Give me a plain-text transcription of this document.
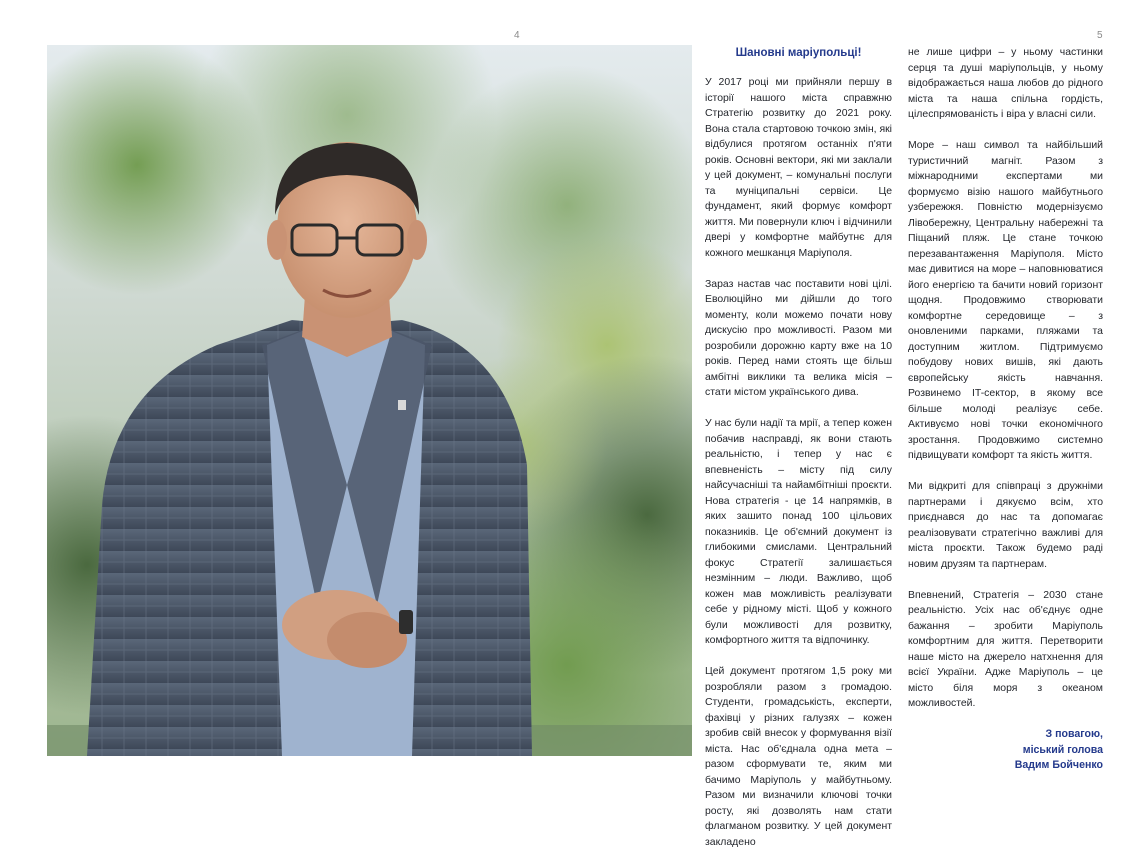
4	5
Шановні маріупольці!

У 2017 році ми прийняли першу в історії нашого міста справжню Стратегію розвитку до 2021 року. Вона стала стартовою точкою змін, які відбулися протягом останніх п'яти років. Основні вектори, які ми заклали у цей документ, – комунальні послуги та муніципальні сервіси. Це фундамент, який формує комфорт життя. Ми повернули ключ і відчинили двері у комфортне майбутнє для кожного мешканця Маріуполя.

Зараз настав час поставити нові цілі. Еволюційно ми дійшли до того моменту, коли можемо почати нову дискусію про можливості. Разом ми розробили дорожню карту вже на 10 років. Перед нами стоять ще більш амбітні виклики та велика місія – стати містом українського дива.

У нас були надії та мрії, а тепер кожен побачив насправді, як вони стають реальністю, і тепер у нас є впевненість – місту під силу найсучасніші та найамбітніші проєкти. Нова стратегія - це 14 напрямків, в яких зашито понад 100 цільових показників. Це об'ємний документ із глибокими смислами. Центральний фокус Стратегії залишається незмінним – люди. Важливо, щоб кожен мав можливість реалізувати себе у рідному місті. Щоб у кожного були можливості для розвитку, комфортного життя та відпочинку.

Цей документ протягом 1,5 року ми розробляли разом з громадою. Студенти, громадськість, експерти, фахівці у різних галузях – кожен зробив свій внесок у формування візії міста. Нас об'єднала одна мета – разом сформувати те, яким ми бачимо Маріуполь у майбутньому. Разом ми визначили ключові точки росту, які дозволять нам стати флагманом розвитку. У цей документ закладено

не лише цифри – у ньому частинки серця та душі маріупольців, у ньому відображається наша любов до рідного міста та наша спільна гордість, цілеспрямованість і віра у власні сили.

Море – наш символ та найбільший туристичний магніт. Разом з міжнародними експертами ми формуємо візію нашого майбутнього узбережжя. Повністю модернізуємо Лівобережну, Центральну набережні та Піщаний пляж. Це стане точкою перезавантаження Маріуполя. Місто має дивитися на море – наповнюватися його енергією та бачити новий горизонт щодня. Продовжимо створювати комфортне середовище – з оновленими парками, пляжами та доступним житлом. Підтримуємо побудову нових вишів, які дають європейську якість навчання. Розвинемо IT-сектор, в якому все більше молоді реалізує себе. Активуємо нові точки економічного зростання. Продовжимо системно підвищувати комфорт та якість життя.

Ми відкриті для співпраці з дружніми партнерами і дякуємо всім, хто приєднався до нас та допомагає реалізовувати стратегічно важливі для міста проєкти. Також будемо раді новим друзям та партнерам.

Впевнений, Стратегія – 2030 стане реальністю. Усіх нас об'єднує одне бажання – зробити Маріуполь комфортним для життя. Перетворити наше місто на джерело натхнення для всієї України. Адже Маріуполь – це місто біля моря з океаном можливостей.

З повагою,
міський голова
Вадим Бойченко
